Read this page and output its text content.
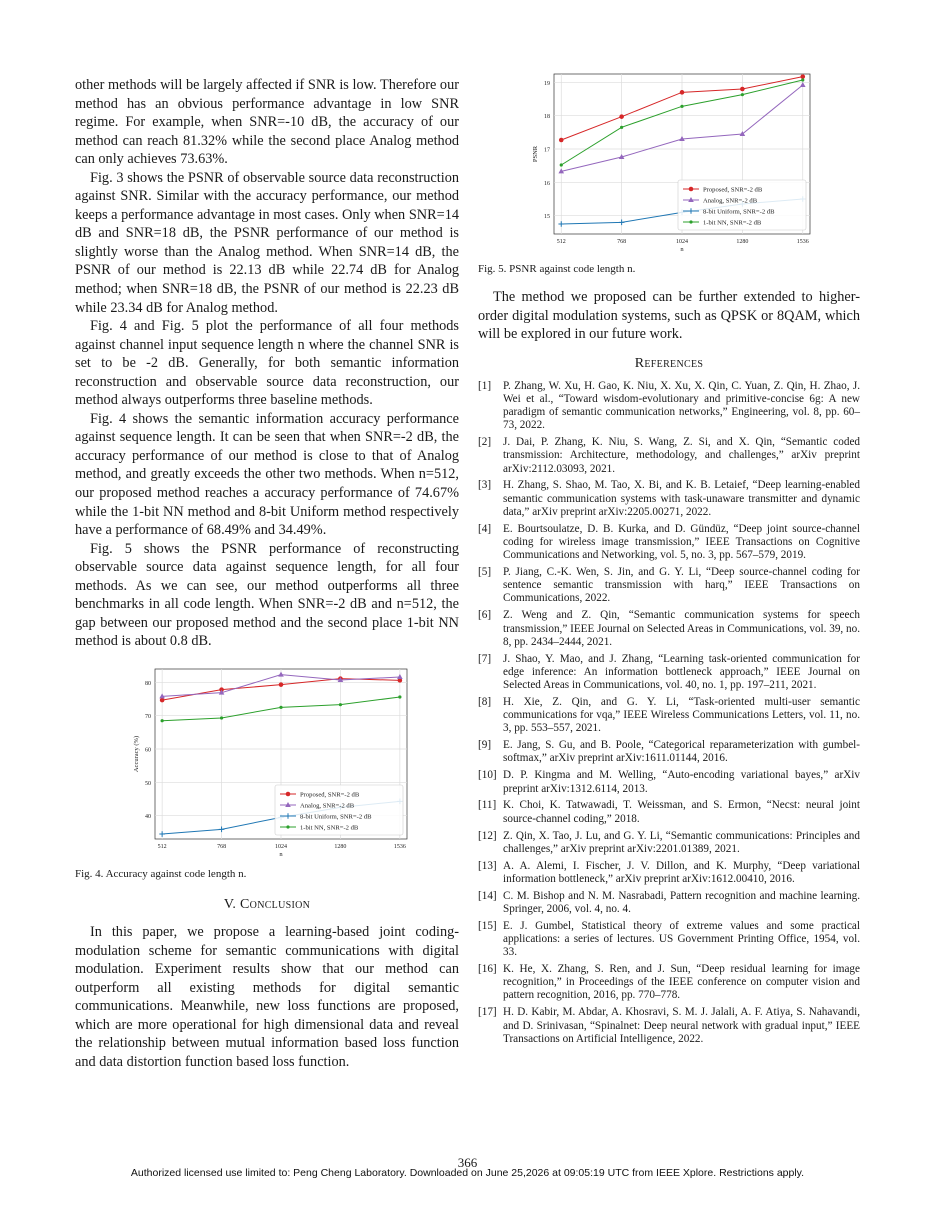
other methods will be largely affected if SNR is low. Therefore our method has an obvious performance advantage in low SNR regime. For example, when SNR=-10 dB, the accuracy of our method can reach 81.32% while the second place Analog method can only achieves 73.63%.

Fig. 3 shows the PSNR of observable source data reconstruction against SNR. Similar with the accuracy performance, our method keeps a performance advantage in most cases. Only when SNR=14 dB and SNR=18 dB, the PSNR performance of our method is slightly worse than the Analog method. When SNR=14 dB, the PSNR of our method is 22.13 dB while 22.74 dB for Analog method; when SNR=18 dB, the PSNR of our method is 22.23 dB while 23.34 dB for Analog method.

Fig. 4 and Fig. 5 plot the performance of all four methods against channel input sequence length n where the channel SNR is set to be -2 dB. Generally, for both semantic information reconstruction and observable source data reconstruction, our method always outperforms three baseline methods.

Fig. 4 shows the semantic information accuracy performance against sequence length. It can be seen that when SNR=-2 dB, the accuracy performance of our method is close to that of Analog method, and greatly exceeds the other two methods. When n=512, our proposed method reaches a accuracy performance of 74.67% while the 1-bit NN method and 8-bit Uniform method respectively have a performance of 68.49% and 34.49%.

Fig. 5 shows the PSNR performance of reconstructing observable source data against sequence length, for all four methods. As we can see, our method outperforms all three benchmarks in all code length. When SNR=-2 dB and n=512, the gap between our proposed method and the second place 1-bit NN method is about 0.8 dB.

40
50
60
70
80
512	768	1024	1280	1536
n
Accuracy (%)
Proposed, SNR=-2 dB
Analog, SNR=-2 dB
8-bit Uniform, SNR=-2 dB
1-bit NN, SNR=-2 dB

Fig. 4. Accuracy against code length n.

V. Conclusion

In this paper, we propose a learning-based joint coding-modulation scheme for semantic communications with digital modulation. Experiment results show that our method can outperform all existing methods for digital semantic communications. Meanwhile, new loss functions are proposed, which are more operational for high dimensional data and reveal the relationship between mutual information based loss function and data distortion function based loss function.

15
16
17
18
19
512	768	1024	1280	1536
n
PSNR
Proposed, SNR=-2 dB
Analog, SNR=-2 dB
8-bit Uniform, SNR=-2 dB
1-bit NN, SNR=-2 dB

Fig. 5. PSNR against code length n.

The method we proposed can be further extended to higher-order digital modulation systems, such as QPSK or 8QAM, which will be explored in our future work.

References

[1]	P. Zhang, W. Xu, H. Gao, K. Niu, X. Xu, X. Qin, C. Yuan, Z. Qin, H. Zhao, J. Wei et al., “Toward wisdom-evolutionary and primitive-concise 6g: A new paradigm of semantic communication networks,” Engineering, vol. 8, pp. 60–73, 2022.
[2]	J. Dai, P. Zhang, K. Niu, S. Wang, Z. Si, and X. Qin, “Semantic coded transmission: Architecture, methodology, and challenges,” arXiv preprint arXiv:2112.03093, 2021.
[3]	H. Zhang, S. Shao, M. Tao, X. Bi, and K. B. Letaief, “Deep learning-enabled semantic communication systems with task-unaware transmitter and dynamic data,” arXiv preprint arXiv:2205.00271, 2022.
[4]	E. Bourtsoulatze, D. B. Kurka, and D. Gündüz, “Deep joint source-channel coding for wireless image transmission,” IEEE Transactions on Cognitive Communications and Networking, vol. 5, no. 3, pp. 567–579, 2019.
[5]	P. Jiang, C.-K. Wen, S. Jin, and G. Y. Li, “Deep source-channel coding for sentence semantic transmission with harq,” IEEE Transactions on Communications, 2022.
[6]	Z. Weng and Z. Qin, “Semantic communication systems for speech transmission,” IEEE Journal on Selected Areas in Communications, vol. 39, no. 8, pp. 2434–2444, 2021.
[7]	J. Shao, Y. Mao, and J. Zhang, “Learning task-oriented communication for edge inference: An information bottleneck approach,” IEEE Journal on Selected Areas in Communications, vol. 40, no. 1, pp. 197–211, 2021.
[8]	H. Xie, Z. Qin, and G. Y. Li, “Task-oriented multi-user semantic communications for vqa,” IEEE Wireless Communications Letters, vol. 11, no. 3, pp. 553–557, 2021.
[9]	E. Jang, S. Gu, and B. Poole, “Categorical reparameterization with gumbel-softmax,” arXiv preprint arXiv:1611.01144, 2016.
[10] D. P. Kingma and M. Welling, “Auto-encoding variational bayes,” arXiv preprint arXiv:1312.6114, 2013.
[11] K. Choi, K. Tatwawadi, T. Weissman, and S. Ermon, “Necst: neural joint source-channel coding,” 2018.
[12] Z. Qin, X. Tao, J. Lu, and G. Y. Li, “Semantic communications: Principles and challenges,” arXiv preprint arXiv:2201.01389, 2021.
[13] A. A. Alemi, I. Fischer, J. V. Dillon, and K. Murphy, “Deep variational information bottleneck,” arXiv preprint arXiv:1612.00410, 2016.
[14] C. M. Bishop and N. M. Nasrabadi, Pattern recognition and machine learning. Springer, 2006, vol. 4, no. 4.
[15] E. J. Gumbel, Statistical theory of extreme values and some practical applications: a series of lectures. US Government Printing Office, 1954, vol. 33.
[16] K. He, X. Zhang, S. Ren, and J. Sun, “Deep residual learning for image recognition,” in Proceedings of the IEEE conference on computer vision and pattern recognition, 2016, pp. 770–778.
[17] H. D. Kabir, M. Abdar, A. Khosravi, S. M. J. Jalali, A. F. Atiya, S. Nahavandi, and D. Srinivasan, “Spinalnet: Deep neural network with gradual input,” IEEE Transactions on Artificial Intelligence, 2022.
366
Authorized licensed use limited to: Peng Cheng Laboratory. Downloaded on June 25,2026 at 09:05:19 UTC from IEEE Xplore. Restrictions apply.
